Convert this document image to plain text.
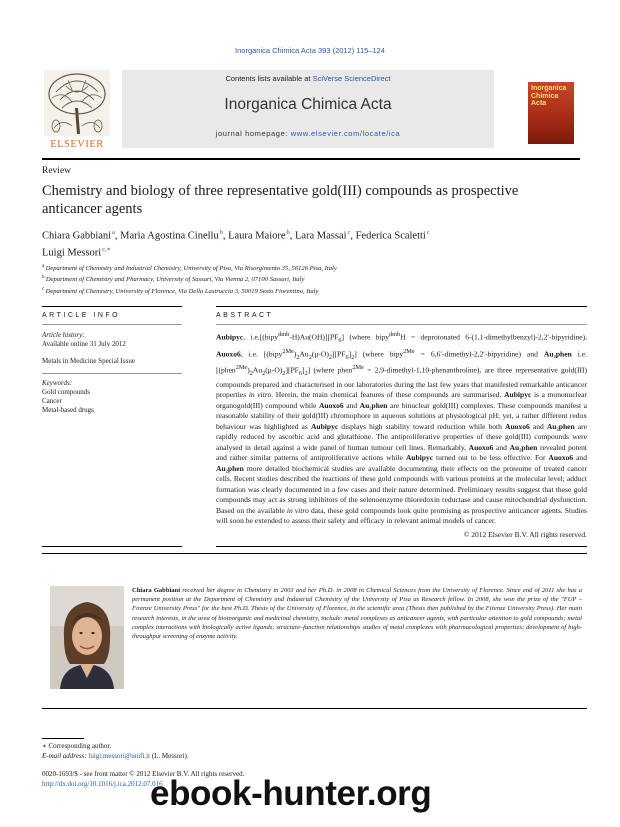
Inorganica Chimica Acta 393 (2012) 115–124
ELSEVIER
Contents lists available at SciVerse ScienceDirect
Inorganica Chimica Acta
journal homepage: www.elsevier.com/locate/ica
Inorganica Chimica Acta
Review
Chemistry and biology of three representative gold(III) compounds as prospective anticancer agents
Chiara Gabbiani $^a$, Maria Agostina Cinellu $^b$, Laura Maiore $^b$, Lara Massai $^c$, Federica Scaletti $^c$
Luigi Messori $^{c,∗}$
$^a$ Department of Chemistry and Industrial Chemistry, University of Pisa, Via Risorgimento 35, 56126 Pisa, Italy
$^b$ Department of Chemistry and Pharmacy, University of Sassari, Via Vienna 2, 07100 Sassari, Italy
$^c$ Department of Chemistry, University of Florence, Via Della Lastruccia 3, 50019 Sesto Fiorentino, Italy
ARTICLE INFO	ABSTRACT
Article history:
Available online 31 July 2012
Metals in Medicine Special Issue
Keywords:
Gold compounds
Cancer
Metal-based drugs
Aubipyc, $i.e.[(bipy^{dmb}-H)Au(OH)][PF_6]$ (where bipy$^{dmb}$H = deprotonated 6-(1,1-dimethylbenzyl)-2,2′-bipyridine), Auoxo6, i.e. $[(bipy^{2Me})_2Au_2(\mu-O)_2][PF_6]_2$] (where bipy$^{2Me}$ = 6,6′-dimethyl-2,2′-bipyridine) and Au₂phen i.e. $[(phen^{2Me})_2Au_2(\mu-O)_2][PF_6]_2$] (where phen$^{2Me}$ = 2,9-dimethyl-1,10-phenanthroline), are three representative gold(III) compounds prepared and characterised in our laboratories during the last few years that manifested remarkable anticancer properties in vitro. Herein, the main chemical features of these compounds are summarised. Aubipyc is a mononuclear organogold(III) compound while Auoxo6 and Au₂phen are binuclear gold(III) complexes. These compounds manifest a reasonable stability of their gold(III) chromophore in aqueous solutions at physiological pH; yet, a rather different redox behaviour was highlighted as Aubipyc displays high stability toward reduction while both Auoxo6 and Au₂phen are rapidly reduced by ascorbic acid and glutathione. The antiproliferative properties of these gold(III) compounds were analysed in detail against a wide panel of human tumour cell lines. Remarkably, Auoxo6 and Au₂phen revealed potent and rather similar patterns of antiproliferative actions while Aubipyc turned out to be less effective. For Auoxo6 and Au₂phen more detailed biochemical studies are available documenting their effects on the proteome of treated cancer cells. Recent studies described the reactions of these gold compounds with various proteins at the molecular level; adduct formation was clearly documented in a few cases and their nature determined. Preliminary results suggest that these gold compounds may act as strong inhibitors of the selenoenzyme thioredoxin reductase and cause mitochondrial dysfunction. Based on the available in vitro data, these gold compounds look quite promising as prospective anticancer agents. Studies will soon be extended to assess their safety and efficacy in relevant animal models of cancer.
© 2012 Elsevier B.V. All rights reserved.
Chiara Gabbiani received her degree in Chemistry in 2003 and her Ph.D. in 2008 in Chemical Sciences from the University of Florence. Since end of 2011 she has a permanent position at the Department of Chemistry and Industrial Chemistry of the University of Pisa as Research fellow. In 2008, she won the prize of the "FUP – Firenze University Press" for the best Ph.D. Thesis of the University of Florence, in the scientific area (Thesis then published by the Firenze University Press). Her main research interests, in the area of bioinorganic and medicinal chemistry, include: metal complexes as anticancer agents, with particular attention to gold compounds; metal complex interactions with biologically active ligands; structure–function relationships studies of metal complexes with pharmacological properties; development of high-throughput screening of enzyme activity.
∗ Corresponding author.
E-mail address: luigi.messori@unifi.it (L. Messori).
0020-1693/$ - see front matter © 2012 Elsevier B.V. All rights reserved.
http://dx.doi.org/10.1016/j.ica.2012.07.016
ebook-hunter.org
